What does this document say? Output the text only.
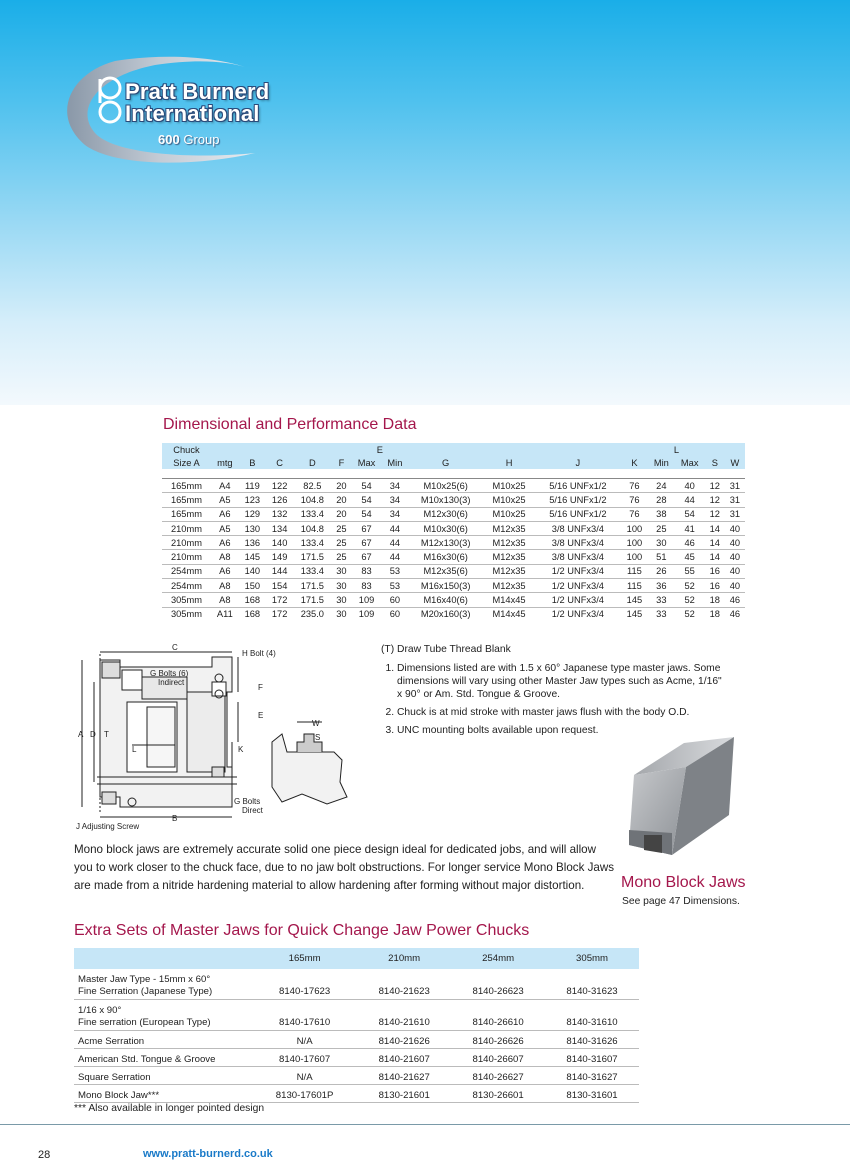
Pratt Burnerd
International
600 Group
Dimensional and Performance Data
Chuck						E						L			
Size A	mtg	B	C	D	F	Max	Min	G	H	J	K	Min	Max	S	W

165mm	A4	119	122	82.5	20	54	34	M10x25(6)	M10x25	5/16 UNFx1/2	76	24	40	12	31
165mm	A5	123	126	104.8	20	54	34	M10x130(3)	M10x25	5/16 UNFx1/2	76	28	44	12	31
165mm	A6	129	132	133.4	20	54	34	M12x30(6)	M10x25	5/16 UNFx1/2	76	38	54	12	31
210mm	A5	130	134	104.8	25	67	44	M10x30(6)	M12x35	3/8 UNFx3/4	100	25	41	14	40
210mm	A6	136	140	133.4	25	67	44	M12x130(3)	M12x35	3/8 UNFx3/4	100	30	46	14	40
210mm	A8	145	149	171.5	25	67	44	M16x30(6)	M12x35	3/8 UNFx3/4	100	51	45	14	40
254mm	A6	140	144	133.4	30	83	53	M12x35(6)	M12x35	1/2 UNFx3/4	115	26	55	16	40
254mm	A8	150	154	171.5	30	83	53	M16x150(3)	M12x35	1/2 UNFx3/4	115	36	52	16	40
305mm	A8	168	172	171.5	30	109	60	M16x40(6)	M14x45	1/2 UNFx3/4	145	33	52	18	46
305mm	A11	168	172	235.0	30	109	60	M20x160(3)	M14x45	1/2 UNFx3/4	145	33	52	18	46
C
H Bolt (4)
G Bolts (6)
Indirect
F
E
A D T
L	K
G Bolts
Direct
B
J Adjusting Screw
W
S
(T) Draw Tube Thread Blank
1. Dimensions listed are with 1.5 x 60° Japanese type master jaws. Some dimensions will vary using other Master Jaw types such as Acme, 1/16" x 90° or Am. Std. Tongue & Groove.
2. Chuck is at mid stroke with master jaws flush with the body O.D.
3. UNC mounting bolts available upon request.
Mono Block Jaws
See page 47 Dimensions.
Mono block jaws are extremely accurate solid one piece design ideal for dedicated jobs, and will allow you to work closer to the chuck face, due to no jaw bolt obstructions. For longer service Mono Block Jaws are made from a nitride hardening material to allow hardening after forming without major distortion.
Extra Sets of Master Jaws for Quick Change Jaw Power Chucks
	165mm	210mm	254mm	305mm
Master Jaw Type - 15mm x 60°
Fine Serration (Japanese Type)	8140-17623	8140-21623	8140-26623	8140-31623
1/16 x 90°
Fine serration (European Type)	8140-17610	8140-21610	8140-26610	8140-31610
Acme Serration	N/A	8140-21626	8140-26626	8140-31626
American Std. Tongue & Groove	8140-17607	8140-21607	8140-26607	8140-31607
Square Serration	N/A	8140-21627	8140-26627	8140-31627
Mono Block Jaw***	8130-17601P	8130-21601	8130-26601	8130-31601
*** Also available in longer pointed design
28	www.pratt-burnerd.co.uk
